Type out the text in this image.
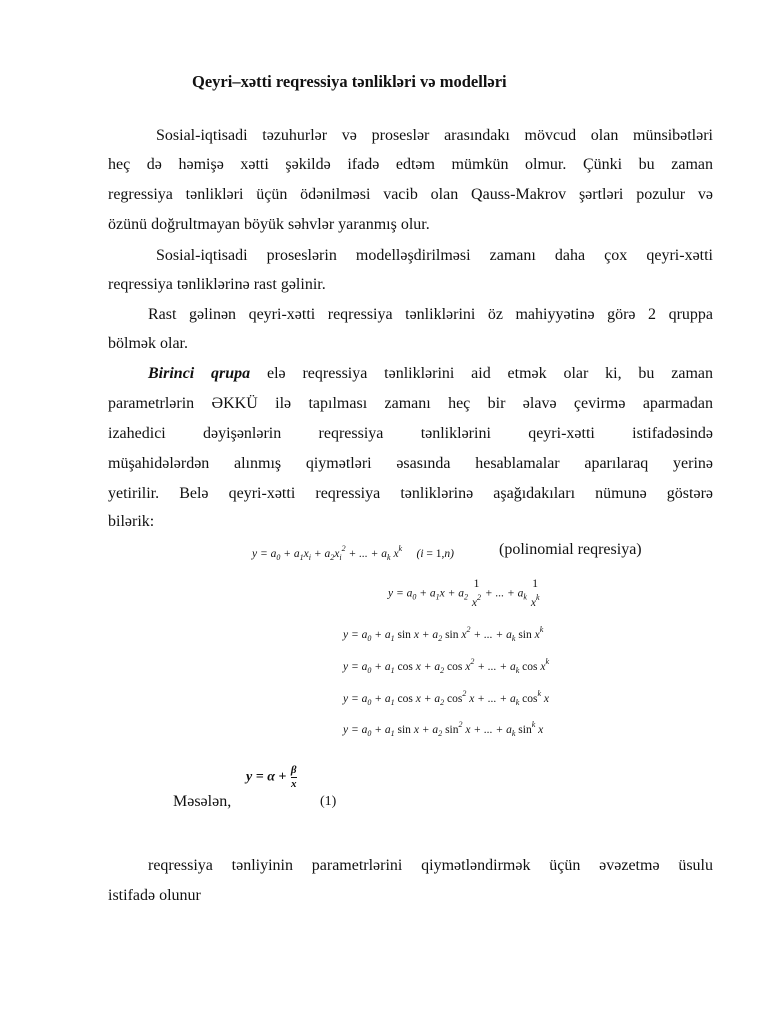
Qeyri–xətti reqressiya tənlikləri və modelləri
Sosial-iqtisadi təzuhurlər və proseslər arasındakı mövcud olan münsibətləri
heç də həmişə xətti şəkildə ifadə edtəm mümkün olmur. Çünki bu zaman
regressiya tənlikləri üçün ödənilməsi vacib olan Qauss-Makrov şərtləri pozulur və
özünü doğrultmayan böyük səhvlər yaranmış olur.
Sosial-iqtisadi proseslərin modelləşdirilməsi zamanı daha çox qeyri-xətti
reqressiya tənliklərinə rast gəlinir.
Rast gəlinən qeyri-xətti reqressiya tənliklərini öz mahiyyətinə görə 2 qruppa
bölmək olar.
Birinci qrupa elə reqressiya tənliklərini aid etmək olar ki, bu zaman
parametrlərin ƏKKÜ ilə tapılması zamanı heç bir əlavə çevirmə aparmadan
izahedici dəyişənlərin reqressiya tənliklərini qeyri-xətti istifadəsində
müşahidələrdən alınmış qiymətləri əsasında hesablamalar aparılaraq yerinə
yetirilir. Belə qeyri-xətti reqressiya tənliklərinə aşağıdakıları nümunə göstərə
bilərik:
$y = a_0 + a_1x_i + a_2x_i^2$ + ... + $a_k$ $x^k$     (i = 1,n)	(polinomial reqresiya)
$y = a_0 + a_1x + a_2$
1
$x^2$ + ... + $a_k$
1
$x^k$
$y = a_0 + a_1$ $\sin x + a_2$ $\sin x^2$ + ... + $a_k$ $\sin x^k$
$y = a_0 + a_1$ $\cos x + a_2$ $\cos x^2$ + ... + $a_k$ $\cos x^k$
$y = a_0 + a_1$ $\cos x + a_2$ $\cos^2 x$ + ... + $a_k$ $\cos^k x$
$y = a_0 + a_1$ $\sin x + a_2$ $\sin^2 x$ + ... + $a_k$ $\sin^k x$
$y = \alpha + \frac{\beta}{x}$
Məsələn,	(1)
reqressiya tənliyinin parametrlərini qiymətləndirmək üçün əvəzetmə üsulu
istifadə olunur
